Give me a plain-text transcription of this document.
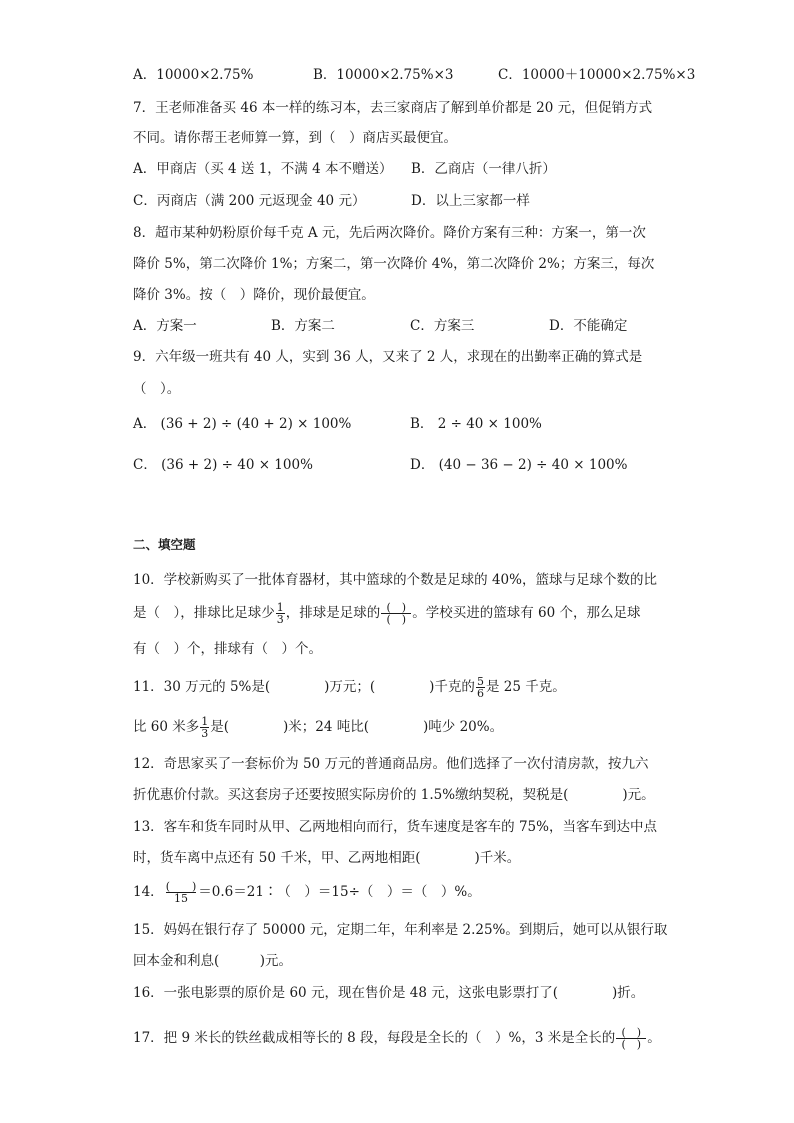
A．10000×2.75%	B．10000×2.75%×3	C．10000＋10000×2.75%×3
7．王老师准备买 46 本一样的练习本，去三家商店了解到单价都是 20 元，但促销方式
不同。请你帮王老师算一算，到（　）商店买最便宜。
A．甲商店（买 4 送 1，不满 4 本不赠送） B．乙商店（一律八折）
C．丙商店（满 200 元返现金 40 元）	D．以上三家都一样
8．超市某种奶粉原价每千克 A 元，先后两次降价。降价方案有三种：方案一，第一次
降价 5%，第二次降价 1%；方案二，第一次降价 4%，第二次降价 2%；方案三，每次
降价 3%。按（　）降价，现价最便宜。
A．方案一	B．方案二	C．方案三	D．不能确定
9．六年级一班共有 40 人，实到 36 人，又来了 2 人，求现在的出勤率正确的算式是
（　）。
A． (36 + 2) ÷ (40 + 2) × 100%	B． 2 ÷ 40 × 100%
C． (36 + 2) ÷ 40 × 100%	D． (40 − 36 − 2) ÷ 40 × 100%
二、填空题
10．学校新购买了一批体育器材，其中篮球的个数是足球的 40%，篮球与足球个数的比
是（　），排球比足球少 $\frac{1}{3}$ ，排球是足球的 $\frac{( )}{( )}$ 。学校买进的篮球有 60 个，那么足球
有（　）个，排球有（　）个。
11．30 万元的 5%是(　　　　)万元；(　　　　)千克的 $\frac{5}{6}$ 是 25 千克。
比 60 米多 $\frac{1}{3}$ 是(　　　　)米；24 吨比(　　　　)吨少 20%。
12．奇思家买了一套标价为 50 万元的普通商品房。他们选择了一次付清房款，按九六
折优惠价付款。买这套房子还要按照实际房价的 1.5%缴纳契税，契税是(　　　　)元。
13．客车和货车同时从甲、乙两地相向而行，货车速度是客车的 75%，当客车到达中点
时，货车离中点还有 50 千米，甲、乙两地相距(　　　　)千米。
14． $\frac{( )}{15}$ ＝0.6＝21∶（　）＝15÷（　）＝（　）%。
15．妈妈在银行存了 50000 元，定期二年，年利率是 2.25%。到期后，她可以从银行取
回本金和利息(　　　)元。
16．一张电影票的原价是 60 元，现在售价是 48 元，这张电影票打了(　　　　)折。
17．把 9 米长的铁丝截成相等长的 8 段，每段是全长的（　）%，3 米是全长的 $\frac{( )}{( )}$ 。
